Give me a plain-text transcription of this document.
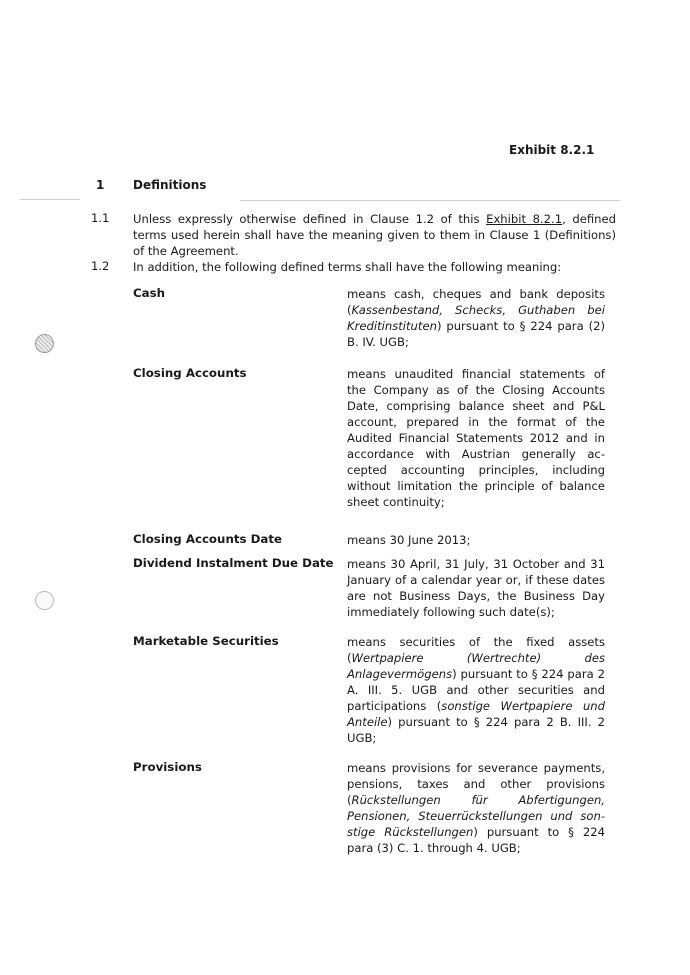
Exhibit 8.2.1
1 Definitions
1.1 Unless expressly otherwise defined in Clause 1.2 of this Exhibit 8.2.1, defined terms used herein shall have the meaning given to them in Clause 1 (Definitions) of the Agreement.
1.2 In addition, the following defined terms shall have the following meaning:
Cash	means cash, cheques and bank deposits (Kassenbestand, Schecks, Guthaben bei Kreditinstituten) pursuant to § 224 para (2) B. IV. UGB;
Closing Accounts	means unaudited financial statements of the Company as of the Closing Accounts Date, comprising balance sheet and P&L account, prepared in the format of the Audited Financial Statements 2012 and in accordance with Austrian generally accepted accounting principles, including without limitation the principle of balance sheet continuity;
Closing Accounts Date	means 30 June 2013;
Dividend Instalment Due Date means 30 April, 31 July, 31 October and 31 January of a calendar year or, if these dates are not Business Days, the Business Day immediately following such date(s);
Marketable Securities	means securities of the fixed assets (Wertpapiere (Wertrechte) des Anlagevermögens) pursuant to § 224 para 2 A. III. 5. UGB and other securities and participations (sonstige Wertpapiere und Anteile) pursuant to § 224 para 2 B. III. 2 UGB;
Provisions	means provisions for severance payments, pensions, taxes and other provisions (Rückstellungen für Abfertigungen, Pensionen, Steuerrückstellungen und sonstige Rückstellungen) pursuant to § 224 para (3) C. 1. through 4. UGB;
